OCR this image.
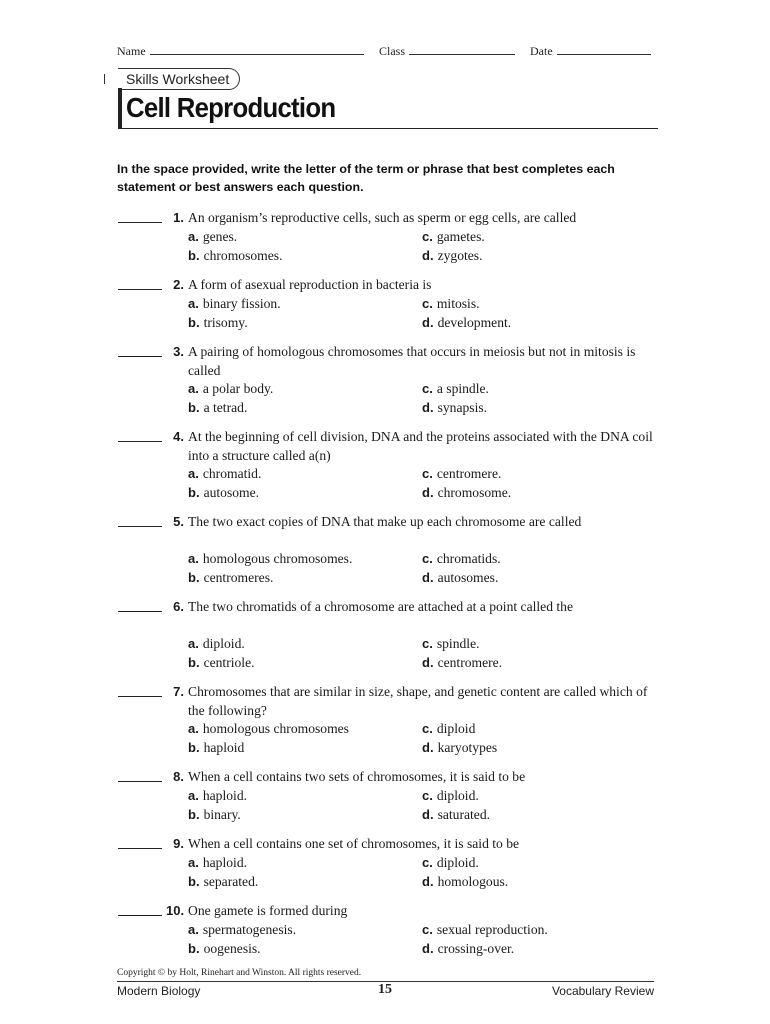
Name	Class	Date
Skills Worksheet
Cell Reproduction
In the space provided, write the letter of the term or phrase that best completes each statement or best answers each question.
1. An organism’s reproductive cells, such as sperm or egg cells, are called
a. genes.	c. gametes.
b. chromosomes.	d. zygotes.
2. A form of asexual reproduction in bacteria is
a. binary fission.	c. mitosis.
b. trisomy.	d. development.
3. A pairing of homologous chromosomes that occurs in meiosis but not in mitosis is called
a. a polar body.	c. a spindle.
b. a tetrad.	d. synapsis.
4. At the beginning of cell division, DNA and the proteins associated with the DNA coil into a structure called a(n)
a. chromatid.	c. centromere.
b. autosome.	d. chromosome.
5. The two exact copies of DNA that make up each chromosome are called
a. homologous chromosomes.	c. chromatids.
b. centromeres.	d. autosomes.
6. The two chromatids of a chromosome are attached at a point called the
a. diploid.	c. spindle.
b. centriole.	d. centromere.
7. Chromosomes that are similar in size, shape, and genetic content are called which of the following?
a. homologous chromosomes	c. diploid
b. haploid	d. karyotypes
8. When a cell contains two sets of chromosomes, it is said to be
a. haploid.	c. diploid.
b. binary.	d. saturated.
9. When a cell contains one set of chromosomes, it is said to be
a. haploid.	c. diploid.
b. separated.	d. homologous.
10. One gamete is formed during
a. spermatogenesis.	c. sexual reproduction.
b. oogenesis.	d. crossing-over.
Copyright © by Holt, Rinehart and Winston. All rights reserved.
Modern Biology	15	Vocabulary Review
